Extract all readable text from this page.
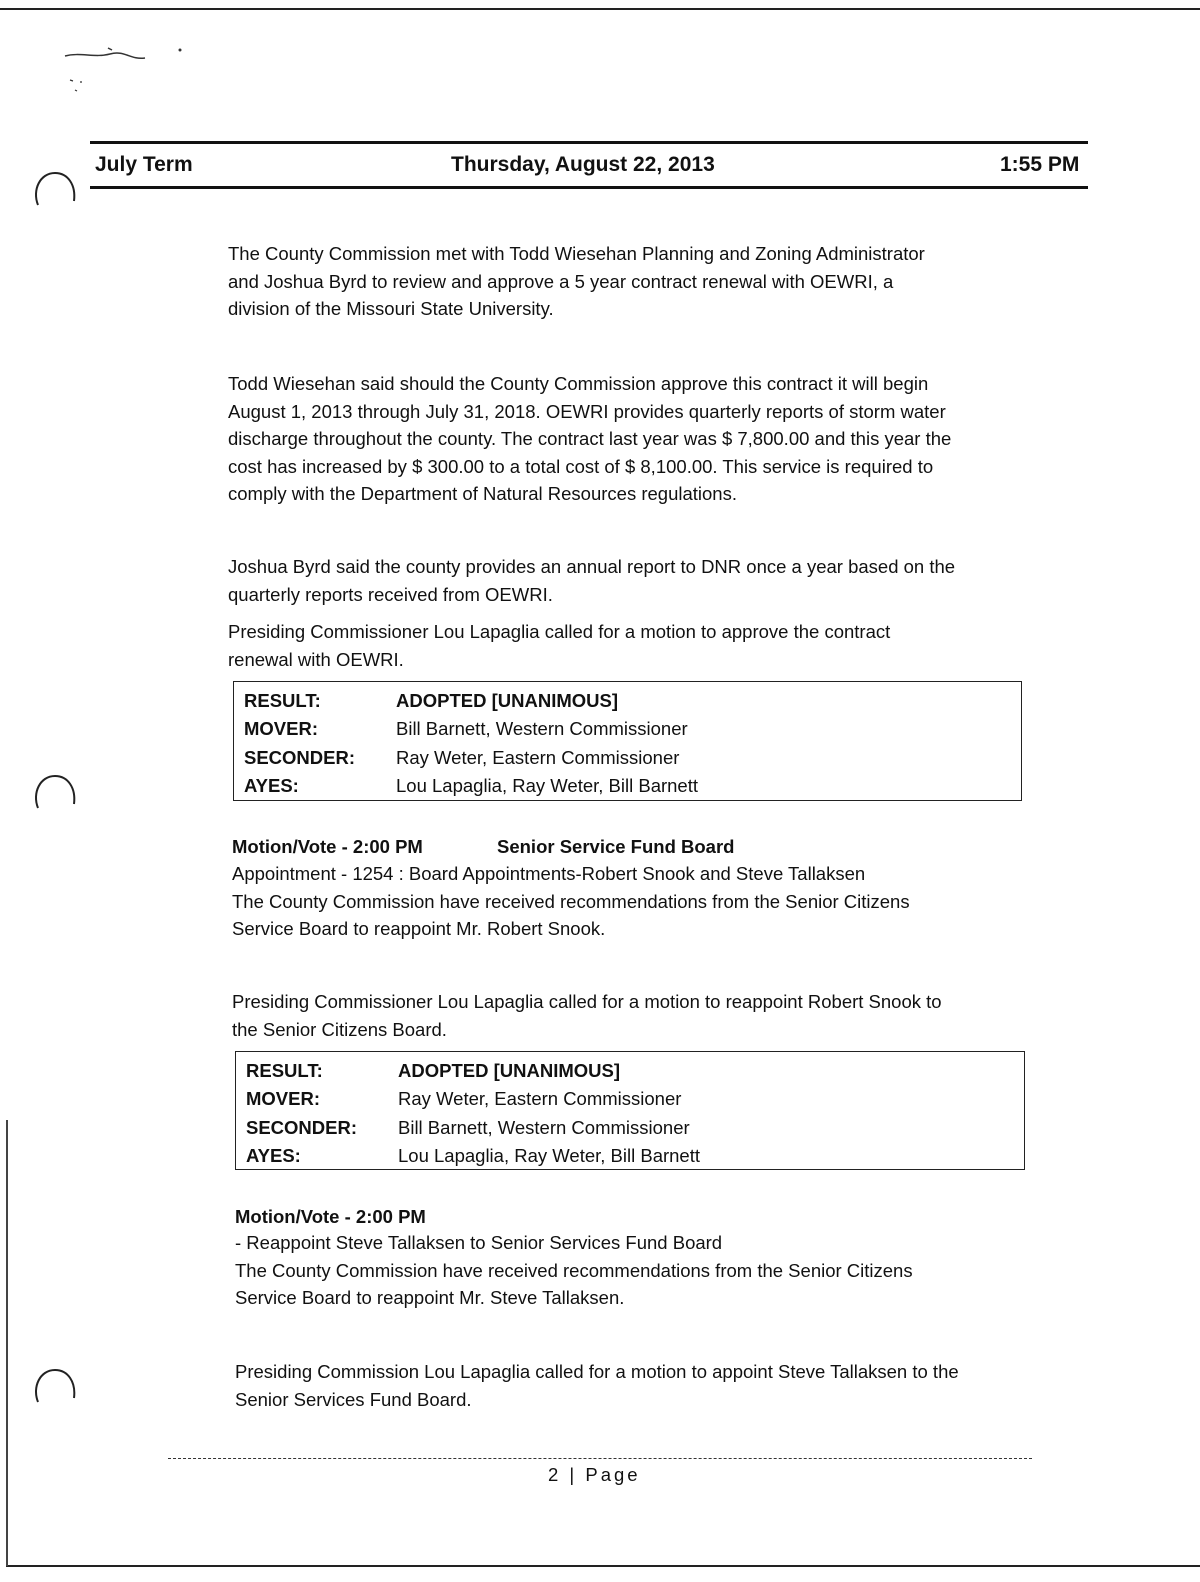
July Term	Thursday, August 22, 2013	1:55 PM

The County Commission met with Todd Wiesehan Planning and Zoning Administrator
and Joshua Byrd to review and approve a 5 year contract renewal with OEWRI, a
division of the Missouri State University.

Todd Wiesehan said should the County Commission approve this contract it will begin
August 1, 2013 through July 31, 2018. OEWRI provides quarterly reports of storm water
discharge throughout the county. The contract last year was $ 7,800.00 and this year the
cost has increased by $ 300.00 to a total cost of $ 8,100.00. This service is required to
comply with the Department of Natural Resources regulations.

Joshua Byrd said the county provides an annual report to DNR once a year based on the
quarterly reports received from OEWRI.

Presiding Commissioner Lou Lapaglia called for a motion to approve the contract
renewal with OEWRI.

RESULT:	ADOPTED [UNANIMOUS]
MOVER:	Bill Barnett, Western Commissioner
SECONDER: Ray Weter, Eastern Commissioner
AYES:	Lou Lapaglia, Ray Weter, Bill Barnett
Motion/Vote - 2:00 PM	Senior Service Fund Board

Appointment - 1254 : Board Appointments-Robert Snook and Steve Tallaksen
The County Commission have received recommendations from the Senior Citizens
Service Board to reappoint Mr. Robert Snook.

Presiding Commissioner Lou Lapaglia called for a motion to reappoint Robert Snook to
the Senior Citizens Board.

RESULT:	ADOPTED [UNANIMOUS]
MOVER:	Ray Weter, Eastern Commissioner
SECONDER: Bill Barnett, Western Commissioner
AYES:	Lou Lapaglia, Ray Weter, Bill Barnett
Motion/Vote - 2:00 PM

- Reappoint Steve Tallaksen to Senior Services Fund Board
The County Commission have received recommendations from the Senior Citizens
Service Board to reappoint Mr. Steve Tallaksen.

Presiding Commission Lou Lapaglia called for a motion to appoint Steve Tallaksen to the
Senior Services Fund Board.

2 | Page
